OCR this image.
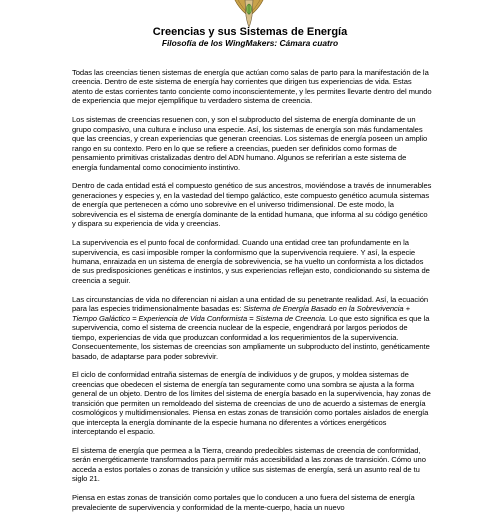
Creencias y sus Sistemas de Energía
Filosofía de los WingMakers: Cámara cuatro

Todas las creencias tienen sistemas de energía que actúan como salas de parto para la manifestación de la creencia. Dentro de este sistema de energía hay corrientes que dirigen tus experiencias de vida. Estas atento de estas corrientes tanto conciente como inconscientemente, y les permites llevarte dentro del mundo de experiencia que mejor ejemplifique tu verdadero sistema de creencia.

Los sistemas de creencias resuenen con, y son el subproducto del sistema de energía dominante de un grupo compasivo, una cultura e incluso una especie. Así, los sistemas de energía son más fundamentales que las creencias, y crean experiencias que generan creencias. Los sistemas de energía poseen un amplio rango en su contexto. Pero en lo que se refiere a creencias, pueden ser definidos como formas de pensamiento primitivas cristalizadas dentro del ADN humano. Algunos se referirían a este sistema de energía fundamental como conocimiento instintivo.

Dentro de cada entidad está el compuesto genético de sus ancestros, moviéndose a través de innumerables generaciones y especies y, en la vastedad del tiempo galáctico, este compuesto genético acumula sistemas de energía que pertenecen a cómo uno sobrevive en el universo tridimensional. De este modo, la sobrevivencia es el sistema de energía dominante de la entidad humana, que informa al su código genético y dispara su experiencia de vida y creencias.

La supervivencia es el punto focal de conformidad. Cuando una entidad cree tan profundamente en la supervivencia, es casi imposible romper la conformismo que la supervivencia requiere. Y así, la especie humana, enraizada en un sistema de energía de sobrevivencia, se ha vuelto un conformista a los dictados de sus predisposiciones genéticas e instintos, y sus experiencias reflejan esto, condicionando su sistema de creencia a seguir.

Las circunstancias de vida no diferencian ni aislan a una entidad de su penetrante realidad. Así, la ecuación para las especies tridimensionalmente basadas es: Sistema de Energía Basado en la Sobrevivencia + Tiempo Galáctico = Experiencia de Vida Conformista = Sistema de Creencia. Lo que esto significa es que la supervivencia, como el sistema de creencia nuclear de la especie, engendrará por largos periodos de tiempo, experiencias de vida que produzcan conformidad a los requerimientos de la supervivencia. Consecuentemente, los sistemas de creencias son ampliamente un subproducto del instinto, genéticamente basado, de adaptarse para poder sobrevivir.

El ciclo de conformidad entraña sistemas de energía de individuos y de grupos, y moldea sistemas de creencias que obedecen el sistema de energía tan seguramente como una sombra se ajusta a la forma general de un objeto. Dentro de los límites del sistema de energía basado en la supervivencia, hay zonas de transición que permiten un remoldeado del sistema de creencias de uno de acuerdo a sistemas de energía cosmológicos y multidimensionales. Piensa en estas zonas de transición como portales aislados de energía que intercepta la energía dominante de la especie humana no diferentes a vórtices energéticos interceptando el espacio.

El sistema de energía que permea a la Tierra, creando predecibles sistemas de creencia de conformidad, serán energéticamente transformados para permitir más accesibilidad a las zonas de transición. Cómo uno acceda a estos portales o zonas de transición y utilice sus sistemas de energía, será un asunto real de tu siglo 21.

Piensa en estas zonas de transición como portales que lo conducen a uno fuera del sistema de energía prevaleciente de supervivencia y conformidad de la mente-cuerpo, hacia un nuevo
